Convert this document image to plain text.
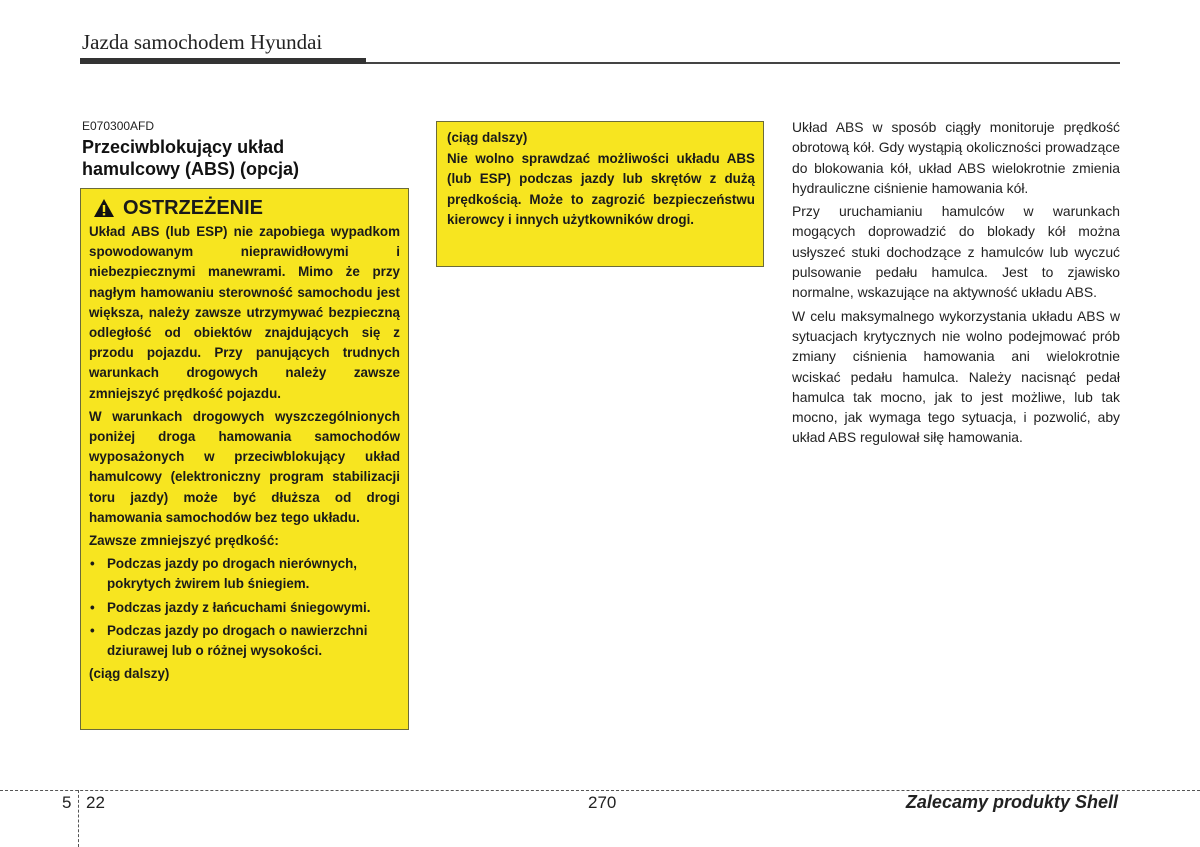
Jazda samochodem Hyundai
E070300AFD
Przeciwblokujący układ hamulcowy (ABS) (opcja)
OSTRZEŻENIE

Układ ABS (lub ESP) nie zapobiega wypadkom spowodowanym nieprawidłowymi i niebezpiecznymi manewrami. Mimo że przy nagłym hamowaniu sterowność samochodu jest większa, należy zawsze utrzymywać bezpieczną odległość od obiektów znajdujących się z przodu pojazdu. Przy panujących trudnych warunkach drogowych należy zawsze zmniejszyć prędkość pojazdu.

W warunkach drogowych wyszczególnionych poniżej droga hamowania samochodów wyposażonych w przeciwblokujący układ hamulcowy (elektroniczny program stabilizacji toru jazdy) może być dłuższa od drogi hamowania samochodów bez tego układu.

Zawsze zmniejszyć prędkość:

• Podczas jazdy po drogach nierównych, pokrytych żwirem lub śniegiem.
• Podczas jazdy z łańcuchami śniegowymi.
• Podczas jazdy po drogach o nawierzchni dziurawej lub o różnej wysokości.

(ciąg dalszy)

(ciąg dalszy)

Nie wolno sprawdzać możliwości układu ABS (lub ESP) podczas jazdy lub skrętów z dużą prędkością. Może to zagrozić bezpieczeństwu kierowcy i innych użytkowników drogi.

Układ ABS w sposób ciągły monitoruje prędkość obrotową kół. Gdy wystąpią okoliczności prowadzące do blokowania kół, układ ABS wielokrotnie zmienia hydrauliczne ciśnienie hamowania kół.

Przy uruchamianiu hamulców w warunkach mogących doprowadzić do blokady kół można usłyszeć stuki dochodzące z hamulców lub wyczuć pulsowanie pedału hamulca. Jest to zjawisko normalne, wskazujące na aktywność układu ABS.

W celu maksymalnego wykorzystania układu ABS w sytuacjach krytycznych nie wolno podejmować prób zmiany ciśnienia hamowania ani wielokrotnie wciskać pedału hamulca. Należy nacisnąć pedał hamulca tak mocno, jak to jest możliwe, lub tak mocno, jak wymaga tego sytuacja, i pozwolić, aby układ ABS regulował siłę hamowania.

5 22	270	Zalecamy produkty Shell
